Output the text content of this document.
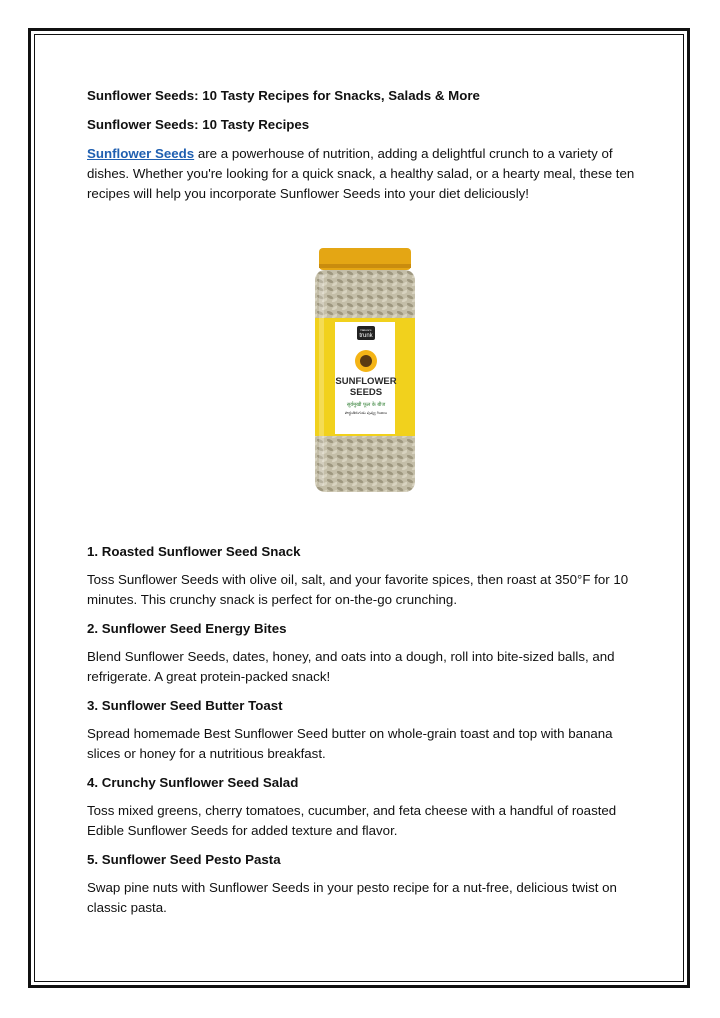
Sunflower Seeds: 10 Tasty Recipes for Snacks, Salads & More

Sunflower Seeds: 10 Tasty Recipes

Sunflower Seeds are a powerhouse of nutrition, adding a delightful crunch to a variety of dishes. Whether you're looking for a quick snack, a healthy salad, or a hearty meal, these ten recipes will help you incorporate Sunflower Seeds into your diet deliciously!

Nature's
trunk
SUNFLOWER
SEEDS
सूर्यमुखी फूल के बीज
పొద్దుతిరుగుడు పువ్వు గింజలు

1. Roasted Sunflower Seed Snack

Toss Sunflower Seeds with olive oil, salt, and your favorite spices, then roast at 350°F for 10 minutes. This crunchy snack is perfect for on-the-go crunching.

2. Sunflower Seed Energy Bites

Blend Sunflower Seeds, dates, honey, and oats into a dough, roll into bite-sized balls, and refrigerate. A great protein-packed snack!

3. Sunflower Seed Butter Toast

Spread homemade Best Sunflower Seed butter on whole-grain toast and top with banana slices or honey for a nutritious breakfast.

4. Crunchy Sunflower Seed Salad

Toss mixed greens, cherry tomatoes, cucumber, and feta cheese with a handful of roasted Edible Sunflower Seeds for added texture and flavor.

5. Sunflower Seed Pesto Pasta

Swap pine nuts with Sunflower Seeds in your pesto recipe for a nut-free, delicious twist on classic pasta.
